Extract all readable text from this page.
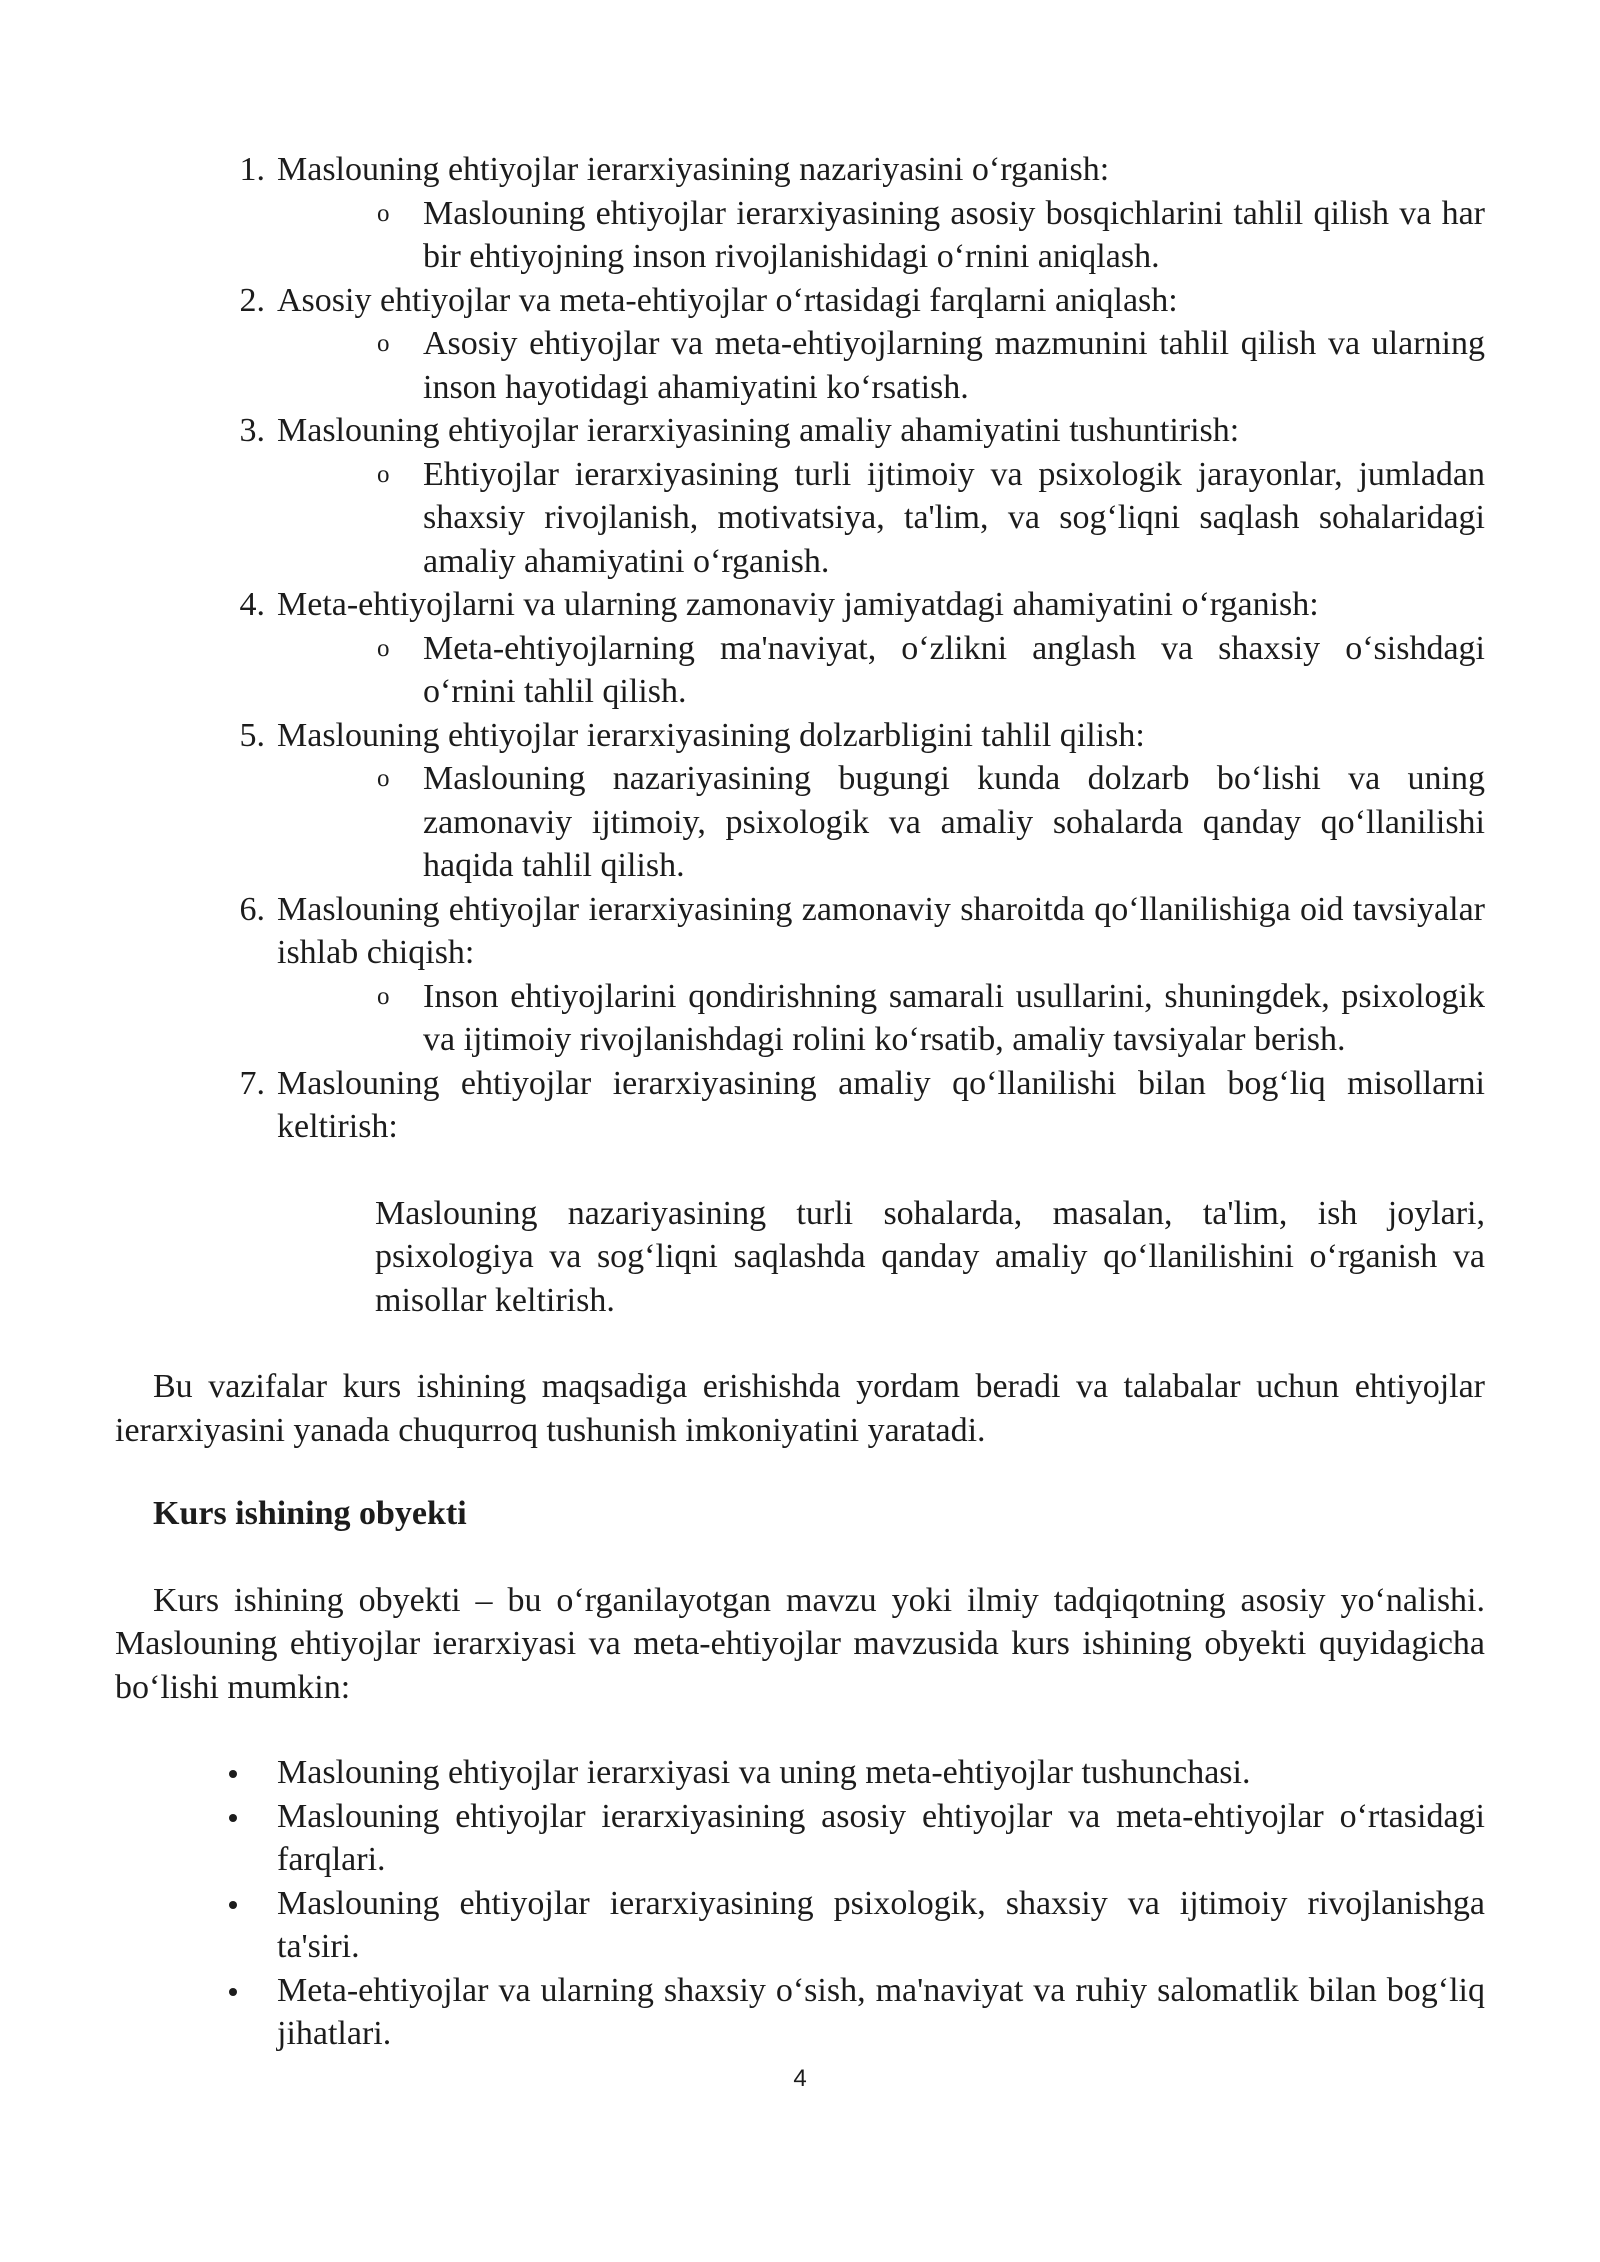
1. Maslouning ehtiyojlar ierarxiyasining nazariyasini o‘rganish:

o Maslouning ehtiyojlar ierarxiyasining asosiy bosqichlarini tahlil qilish va har bir ehtiyojning inson rivojlanishidagi o‘rnini aniqlash.

2. Asosiy ehtiyojlar va meta-ehtiyojlar o‘rtasidagi farqlarni aniqlash:

o Asosiy ehtiyojlar va meta-ehtiyojlarning mazmunini tahlil qilish va ularning inson hayotidagi ahamiyatini ko‘rsatish.

3. Maslouning ehtiyojlar ierarxiyasining amaliy ahamiyatini tushuntirish:

o Ehtiyojlar ierarxiyasining turli ijtimoiy va psixologik jarayonlar, jumladan shaxsiy rivojlanish, motivatsiya, ta'lim, va sog‘liqni saqlash sohalaridagi amaliy ahamiyatini o‘rganish.

4. Meta-ehtiyojlarni va ularning zamonaviy jamiyatdagi ahamiyatini o‘rganish:

o Meta-ehtiyojlarning ma'naviyat, o‘zlikni anglash va shaxsiy o‘sishdagi o‘rnini tahlil qilish.

5. Maslouning ehtiyojlar ierarxiyasining dolzarbligini tahlil qilish:

o Maslouning nazariyasining bugungi kunda dolzarb bo‘lishi va uning zamonaviy ijtimoiy, psixologik va amaliy sohalarda qanday qo‘llanilishi haqida tahlil qilish.

6. Maslouning ehtiyojlar ierarxiyasining zamonaviy sharoitda qo‘llanilishiga oid tavsiyalar ishlab chiqish:

o Inson ehtiyojlarini qondirishning samarali usullarini, shuningdek, psixologik va ijtimoiy rivojlanishdagi rolini ko‘rsatib, amaliy tavsiyalar berish.

7. Maslouning ehtiyojlar ierarxiyasining amaliy qo‘llanilishi bilan bog‘liq misollarni keltirish:

Maslouning nazariyasining turli sohalarda, masalan, ta'lim, ish joylari, psixologiya va sog‘liqni saqlashda qanday amaliy qo‘llanilishini o‘rganish va misollar keltirish.

Bu vazifalar kurs ishining maqsadiga erishishda yordam beradi va talabalar uchun ehtiyojlar ierarxiyasini yanada chuqurroq tushunish imkoniyatini yaratadi.

Kurs ishining obyekti

Kurs ishining obyekti – bu o‘rganilayotgan mavzu yoki ilmiy tadqiqotning asosiy yo‘nalishi. Maslouning ehtiyojlar ierarxiyasi va meta-ehtiyojlar mavzusida kurs ishining obyekti quyidagicha bo‘lishi mumkin:

Maslouning ehtiyojlar ierarxiyasi va uning meta-ehtiyojlar tushunchasi.

Maslouning ehtiyojlar ierarxiyasining asosiy ehtiyojlar va meta-ehtiyojlar o‘rtasidagi farqlari.

Maslouning ehtiyojlar ierarxiyasining psixologik, shaxsiy va ijtimoiy rivojlanishga ta'siri.

Meta-ehtiyojlar va ularning shaxsiy o‘sish, ma'naviyat va ruhiy salomatlik bilan bog‘liq jihatlari.

4
